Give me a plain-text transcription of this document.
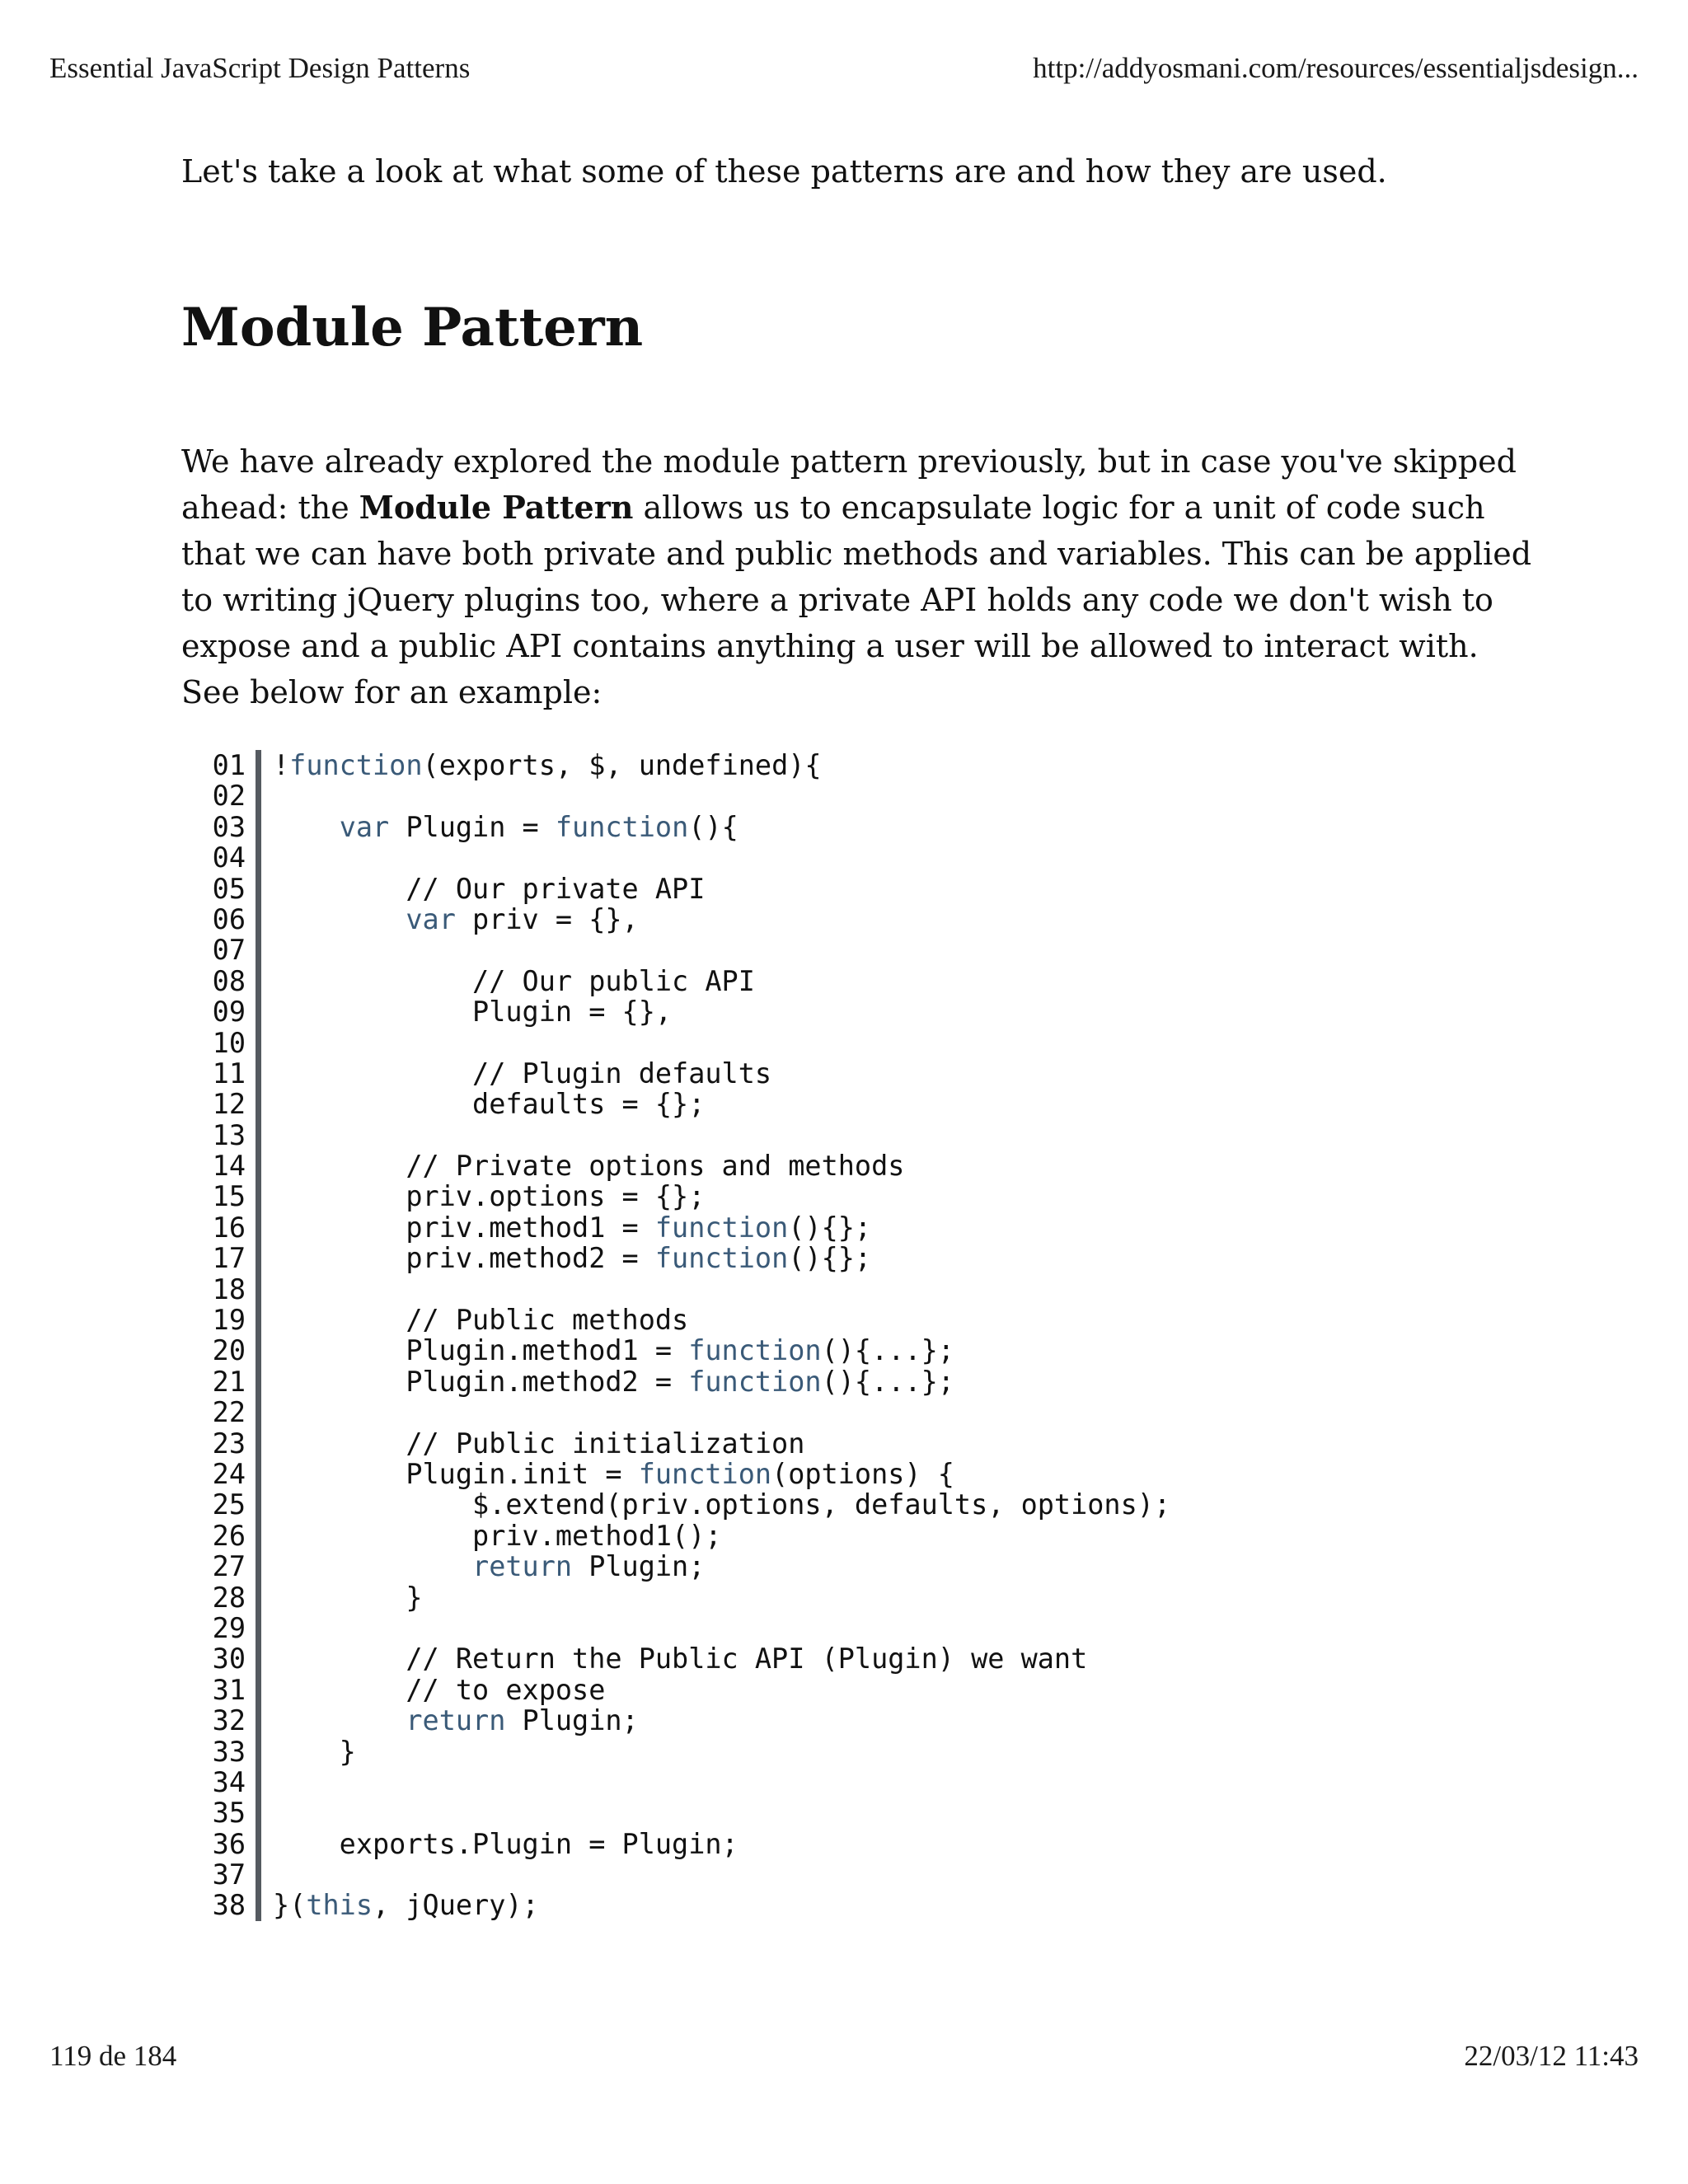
Essential JavaScript Design Patterns	http://addyosmani.com/resources/essentialjsdesign...

Let's take a look at what some of these patterns are and how they are used.

Module Pattern

We have already explored the module pattern previously, but in case you've skipped ahead: the Module Pattern allows us to encapsulate logic for a unit of code such that we can have both private and public methods and variables. This can be applied to writing jQuery plugins too, where a private API holds any code we don't wish to expose and a public API contains anything a user will be allowed to interact with. See below for an example:

01 !function(exports, $, undefined){
02
03	var Plugin = function(){
04
05 // Our private API
06	var priv = {},
07
08 // Our public API
09 Plugin = {},
10
11 // Plugin defaults
12 defaults = {};
13
14 // Private options and methods
15 priv.options = {};
16 priv.method1 = function(){};
17 priv.method2 = function(){};
18
19 // Public methods
20 Plugin.method1 = function(){...};
21 Plugin.method2 = function(){...};
22
23 // Public initialization
24 Plugin.init = function(options) {
25 $.extend(priv.options, defaults, options);
26 priv.method1();
27	return Plugin;
28 }
29
30 // Return the Public API (Plugin) we want
31 // to expose
32	return Plugin;
33 }
34
35
36 exports.Plugin = Plugin;
37
38 }(this, jQuery);
119 de 184	22/03/12 11:43
